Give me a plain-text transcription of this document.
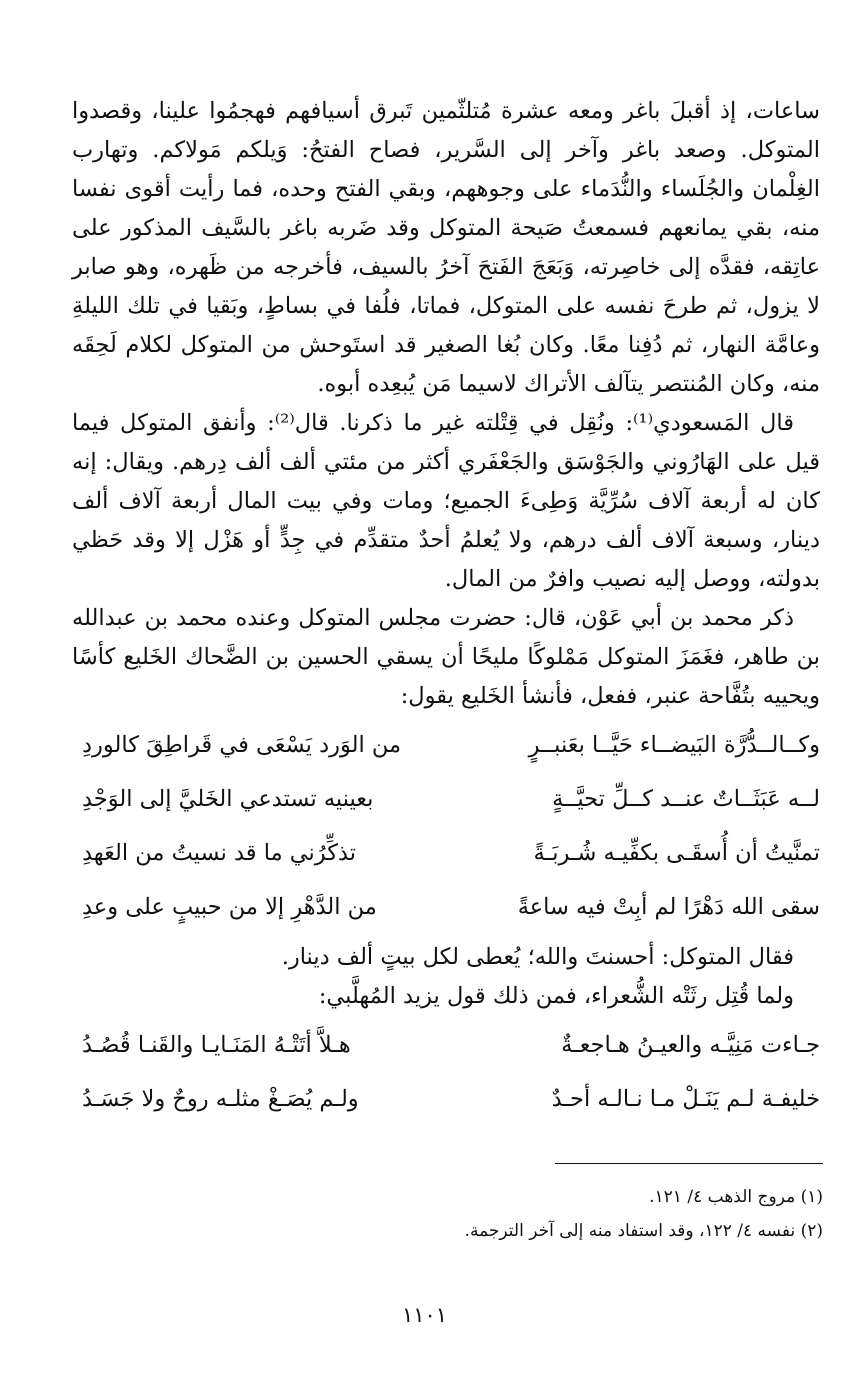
ساعات، إذ أقبلَ باغر ومعه عشرة مُتلثّمين تَبرق أسيافهم فهجمُوا علينا، وقصدوا المتوكل. وصعد باغر وآخر إلى السَّرير، فصاح الفتحُ: وَيلكم مَولاكم. وتهارب الغِلْمان والجُلَساء والنُّدَماء على وجوههم، وبقي الفتح وحده، فما رأيت أقوى نفسا منه، بقي يمانعهم فسمعتُ صَيحة المتوكل وقد ضَربه باغر بالسَّيف المذكور على عاتِقه، فقدَّه إلى خاصِرته، وَبَعَجَ الفَتحَ آخرُ بالسيف، فأخرجه من ظَهره، وهو صابر لا يزول، ثم طرحَ نفسه على المتوكل، فماتا، فلُفا في بساطٍ، وبَقيا في تلك الليلةِ وعامَّة النهار، ثم دُفِنا معًا. وكان بُغا الصغير قد استَوحش من المتوكل لكلام لَحِقَه منه، وكان المُنتصر يتآلف الأتراك لاسيما مَن يُبعِده أبوه.

قال المَسعودي⁽¹⁾: ونُقِل في قِتْلته غير ما ذكرنا. قال⁽²⁾: وأنفق المتوكل فيما قيل على الهَارُوني والجَوْسَق والجَعْفَري أكثر من مئتي ألف ألف دِرهم. ويقال: إنه كان له أربعة آلاف سُرِّيَّة وَطِىءَ الجميع؛ ومات وفي بيت المال أربعة آلاف ألف دينار، وسبعة آلاف ألف درهم، ولا يُعلمُ أحدٌ متقدِّم في جِدٍّ أو هَزْل إلا وقد حَظي بدولته، ووصل إليه نصيب وافرٌ من المال.

ذكر محمد بن أبي عَوْن، قال: حضرت مجلس المتوكل وعنده محمد بن عبدالله بن طاهر، فغَمَزَ المتوكل مَمْلوكًا مليحًا أن يسقي الحسين بن الضَّحاك الخَليع كأسًا ويحييه بتُفَّاحة عنبر، ففعل، فأنشأ الخَليع يقول:

وكــالــدُّرَّة البَيضــاء حَيَّــا بعَنبــرٍ
من الوَرد يَسْعَى في قَراطِقَ كالوردِ
لــه عَبَثَــاتٌ عنــد كــلِّ تحيَّــةٍ
بعينيه تستدعي الخَليَّ إلى الوَجْدِ
تمنَّيتُ أن أُسقَـى بكفِّيـه شُـربَـةً
تذكِّرُني ما قد نسيتُ من العَهدِ
سقى الله دَهْرًا لم أبِتْ فيه ساعةً
من الدَّهْرِ إلا من حبيبٍ على وعدِ

فقال المتوكل: أحسنتَ والله؛ يُعطى لكل بيتٍ ألف دينار.

ولما قُتِل رثَتْه الشُّعراء، فمن ذلك قول يزيد المُهلَّبي:

جـاءت مَنِيَّـه والعيـنُ هـاجعـةٌ
هـلاَّ أتَتْـهُ المَنَـايـا والقَنـا قُصُـدُ
خليفـة لـم يَنَـلْ مـا نـالـه أحـدٌ
ولـم يُصَـغْ مثلـه روحٌ ولا جَسَـدُ

(١) مروج الذهب ٤/ ١٢١.

(٢) نفسه ٤/ ١٢٢، وقد استفاد منه إلى آخر الترجمة.

١١٠١
